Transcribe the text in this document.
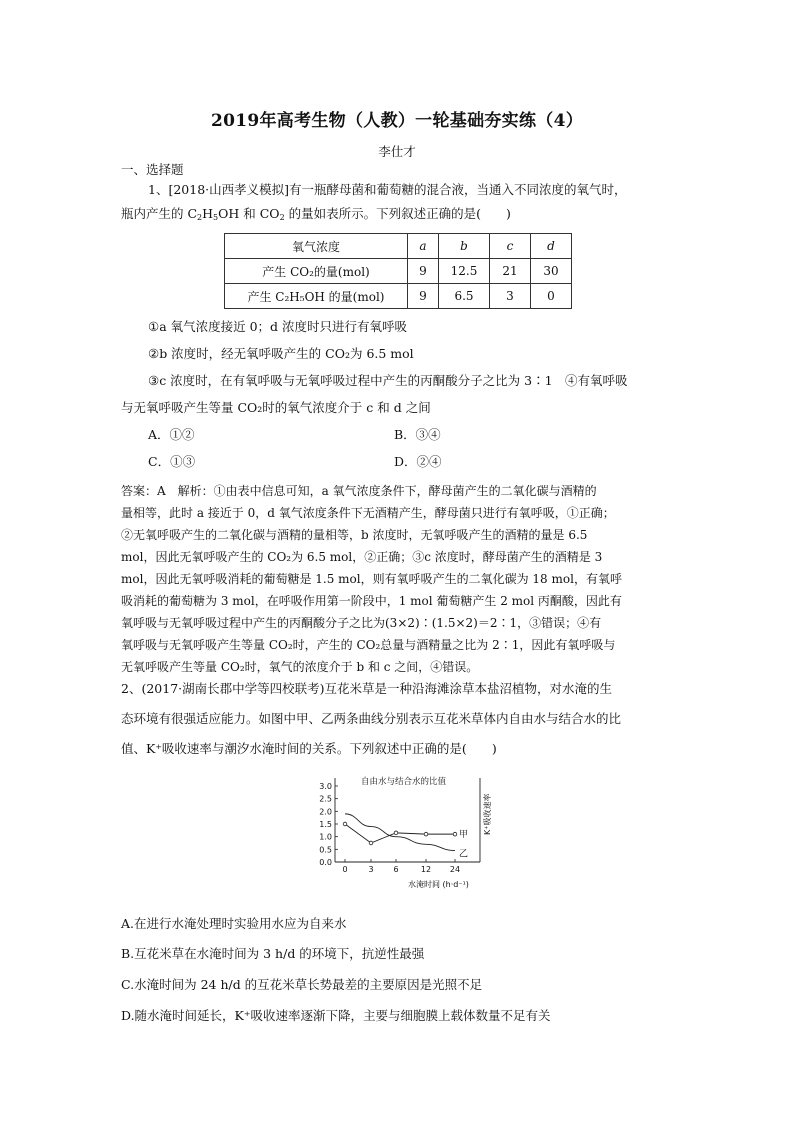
2019年高考生物（人教）一轮基础夯实练（4）
李仕才
一、选择题
1、[2018·山西孝义模拟]有一瓶酵母菌和葡萄糖的混合液，当通入不同浓度的氧气时，
瓶内产生的 $C_2H_5OH$ 和 $CO_2$ 的量如表所示。下列叙述正确的是(　　)
氧气浓度	a	b	c	d
产生 CO₂的量(mol)	9	12.5	21	30
产生 C₂H₅OH 的量(mol)	9	6.5	3	0
①a 氧气浓度接近 0；d 浓度时只进行有氧呼吸
②b 浓度时，经无氧呼吸产生的 CO₂为 6.5 mol
③c 浓度时，在有氧呼吸与无氧呼吸过程中产生的丙酮酸分子之比为 3∶1　④有氧呼吸
与无氧呼吸产生等量 CO₂时的氧气浓度介于 c 和 d 之间
A．①②	B．③④
C．①③	D．②④
答案：A　解析：①由表中信息可知，a 氧气浓度条件下，酵母菌产生的二氧化碳与酒精的
量相等，此时 a 接近于 0，d 氧气浓度条件下无酒精产生，酵母菌只进行有氧呼吸，①正确；
②无氧呼吸产生的二氧化碳与酒精的量相等，b 浓度时，无氧呼吸产生的酒精的量是 6.5
mol，因此无氧呼吸产生的 CO₂为 6.5 mol，②正确；③c 浓度时，酵母菌产生的酒精是 3
mol，因此无氧呼吸消耗的葡萄糖是 1.5 mol，则有氧呼吸产生的二氧化碳为 18 mol，有氧呼
吸消耗的葡萄糖为 3 mol，在呼吸作用第一阶段中，1 mol 葡萄糖产生 2 mol 丙酮酸，因此有
氧呼吸与无氧呼吸过程中产生的丙酮酸分子之比为(3×2)∶(1.5×2)＝2∶1，③错误；④有
氧呼吸与无氧呼吸产生等量 CO₂时，产生的 CO₂总量与酒精量之比为 2∶1，因此有氧呼吸与
无氧呼吸产生等量 CO₂时，氧气的浓度介于 b 和 c 之间，④错误。
2、(2017·湖南长郡中学等四校联考)互花米草是一种沿海滩涂草本盐沼植物，对水淹的生
态环境有很强适应能力。如图中甲、乙两条曲线分别表示互花米草体内自由水与结合水的比
值、K⁺吸收速率与潮汐水淹时间的关系。下列叙述中正确的是(　　)
自由水与结合水的比值
水淹时间 (h·d⁻¹)
K⁺吸收速率
0.0
0.5
1.0
1.5
2.0
2.5
3.0
0	3 6	12 24
甲
乙
A.在进行水淹处理时实验用水应为自来水
B.互花米草在水淹时间为 3 h/d 的环境下，抗逆性最强
C.水淹时间为 24 h/d 的互花米草长势最差的主要原因是光照不足
D.随水淹时间延长，K⁺吸收速率逐渐下降，主要与细胞膜上载体数量不足有关
